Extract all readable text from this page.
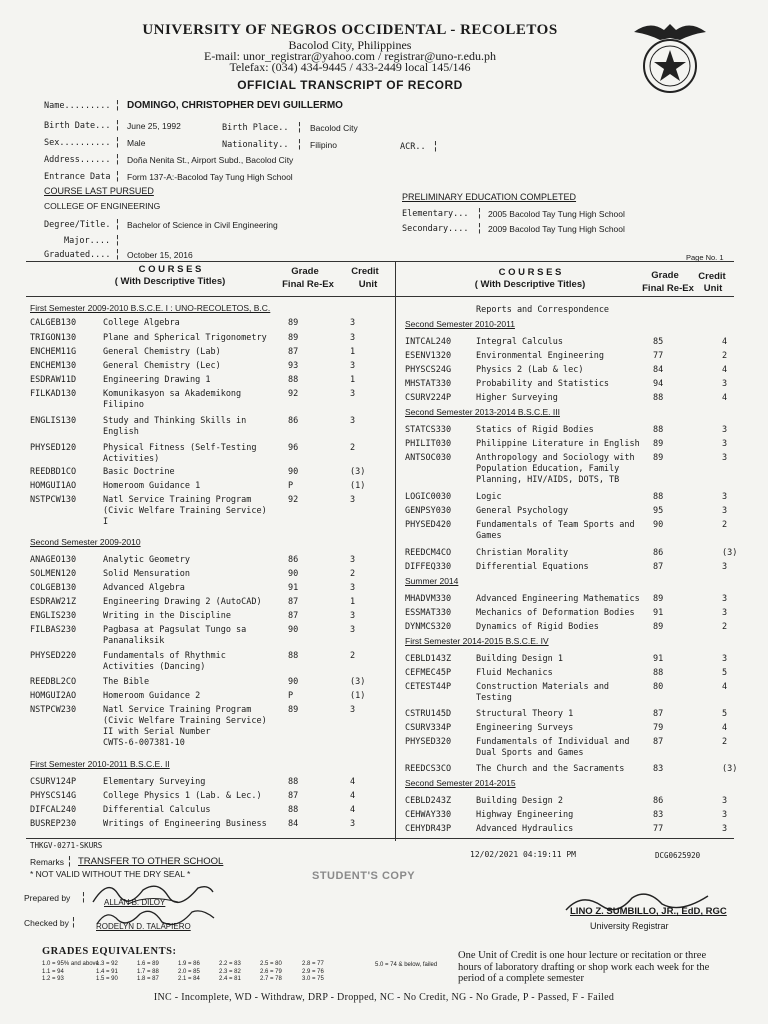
UNIVERSITY OF NEGROS OCCIDENTAL - RECOLETOS
Bacolod City, Philippines
E-mail: unor_registrar@yahoo.com / registrar@uno-r.edu.ph
Telefax: (034) 434-9445 / 433-2449 local 145/146
OFFICIAL TRANSCRIPT OF RECORD
Name......... ¦ DOMINGO, CHRISTOPHER DEVI GUILLERMO
Birth Date... ¦ June 25, 1992	Birth Place.. ¦ Bacolod City
Sex.......... ¦ Male	Nationality.. ¦ Filipino	ACR.. ¦
Address...... ¦ Doña Nenita St., Airport Subd., Bacolod City
Entrance Data ¦ Form 137-A:-Bacolod Tay Tung High School
COURSE LAST PURSUED
COLLEGE OF ENGINEERING
Degree/Title. ¦ Bachelor of Science in Civil Engineering
Major.... ¦
Graduated.... ¦ October 15, 2016
PRELIMINARY EDUCATION COMPLETED
Elementary... ¦ 2005 Bacolod Tay Tung High School
Secondary.... ¦ 2009 Bacolod Tay Tung High School
Page No. 1
C O U R S E S
( With Descriptive Titles)
Grade
Final Re-Ex
Credit
Unit
C O U R S E S
( With Descriptive Titles)
Grade
Final Re-Ex
Credit
Unit
First Semester 2009-2010 B.S.C.E. I : UNO-RECOLETOS, B.C.
CALGEB130	College Algebra	89	3
TRIGON130	Plane and Spherical Trigonometry	89	3
ENCHEM11G	General Chemistry (Lab)	87	1
ENCHEM130	General Chemistry (Lec)	93	3
ESDRAW11D	Engineering Drawing 1	88	1
FILKAD130	Komunikasyon sa Akademikong
Filipino
92	3
ENGLIS130	Study and Thinking Skills in
English
86	3
PHYSED120	Physical Fitness (Self-Testing
Activities)
96	2
REEDBD1CO	Basic Doctrine	90	(3)
HOMGUI1AO	Homeroom Guidance 1	P	(1)
NSTPCW130	Natl Service Training Program
(Civic Welfare Training Service)
I
92	3
Second Semester 2009-2010
ANAGEO130	Analytic Geometry	86	3
SOLMEN120	Solid Mensuration	90	2
COLGEB130	Advanced Algebra	91	3
ESDRAW21Z	Engineering Drawing 2 (AutoCAD)	87	1
ENGLIS230	Writing in the Discipline	87	3
FILBAS230	Pagbasa at Pagsulat Tungo sa
Pananaliksik
90	3
PHYSED220	Fundamentals of Rhythmic
Activities (Dancing)
88	2
REEDBL2CO	The Bible	90	(3)
HOMGUI2AO	Homeroom Guidance 2	P	(1)
NSTPCW230	Natl Service Training Program
(Civic Welfare Training Service)
II with Serial Number
CWTS-6-007381-10
89	3
First Semester 2010-2011 B.S.C.E. II
CSURV124P	Elementary Surveying	88	4
PHYSCS14G	College Physics 1 (Lab. & Lec.)	87	4
DIFCAL240	Differential Calculus	88	4
BUSREP230	Writings of Engineering Business	84	3
Reports and Correspondence
Second Semester 2010-2011
INTCAL240	Integral Calculus	85	4
ESENV1320	Environmental Engineering	77	2
PHYSCS24G	Physics 2 (Lab & lec)	84	4
MHSTAT330	Probability and Statistics	94	3
CSURV224P	Higher Surveying	88	4
Second Semester 2013-2014 B.S.C.E. III
STATCS330	Statics of Rigid Bodies	88	3
PHILIT030	Philippine Literature in English	89	3
ANTSOC030	Anthropology and Sociology with
Population Education, Family
Planning, HIV/AIDS, DOTS, TB
89	3
LOGIC0030	Logic	88	3
GENPSY030	General Psychology	95	3
PHYSED420	Fundamentals of Team Sports and
Games
90	2
REEDCM4CO	Christian Morality	86	(3)
DIFFEQ330	Differential Equations	87	3
Summer 2014
MHADVM330	Advanced Engineering Mathematics	89	3
ESSMAT330	Mechanics of Deformation Bodies	91	3
DYNMCS320	Dynamics of Rigid Bodies	89	2
First Semester 2014-2015 B.S.C.E. IV
CEBLD143Z	Building Design 1	91	3
CEFMEC45P	Fluid Mechanics	88	5
CETEST44P	Construction Materials and
Testing
80	4
CSTRU145D	Structural Theory 1	87	5
CSURV334P	Engineering Surveys	79	4
PHYSED320	Fundamentals of Individual and
Dual Sports and Games
87	2
REEDCS3CO	The Church and the Sacraments	83	(3)
Second Semester 2014-2015
CEBLD243Z	Building Design 2	86	3
CEHWAY330	Highway Engineering	83	3
CEHYDR43P	Advanced Hydraulics	77	3
THKGV-0271-SKURS
12/02/2021 04:19:11 PM	DCG0625920
Remarks ¦ TRANSFER TO OTHER SCHOOL
* NOT VALID WITHOUT THE DRY SEAL *	STUDENT'S COPY
Prepared by ¦ ALLAN B. DILOY
Checked by ¦	RODELYN D. TALAPIERO
LINO Z. SUMBILLO, JR., EdD, RGC
University Registrar
GRADES EQUIVALENTS:
1.0 = 95% and above
1.1 = 94
1.2 = 93
1.3 = 92
1.4 = 91
1.5 = 90
1.6 = 89
1.7 = 88
1.8 = 87
1.9 = 86
2.0 = 85
2.1 = 84
2.2 = 83
2.3 = 82
2.4 = 81
2.5 = 80
2.6 = 79
2.7 = 78
2.8 = 77
2.9 = 76
3.0 = 75
5.0 = 74 & below, failed
One Unit of Credit is one hour lecture or recitation or three hours of laboratory drafting or shop work each week for the period of a complete semester
INC - Incomplete, WD - Withdraw, DRP - Dropped, NC - No Credit, NG - No Grade, P - Passed, F - Failed
